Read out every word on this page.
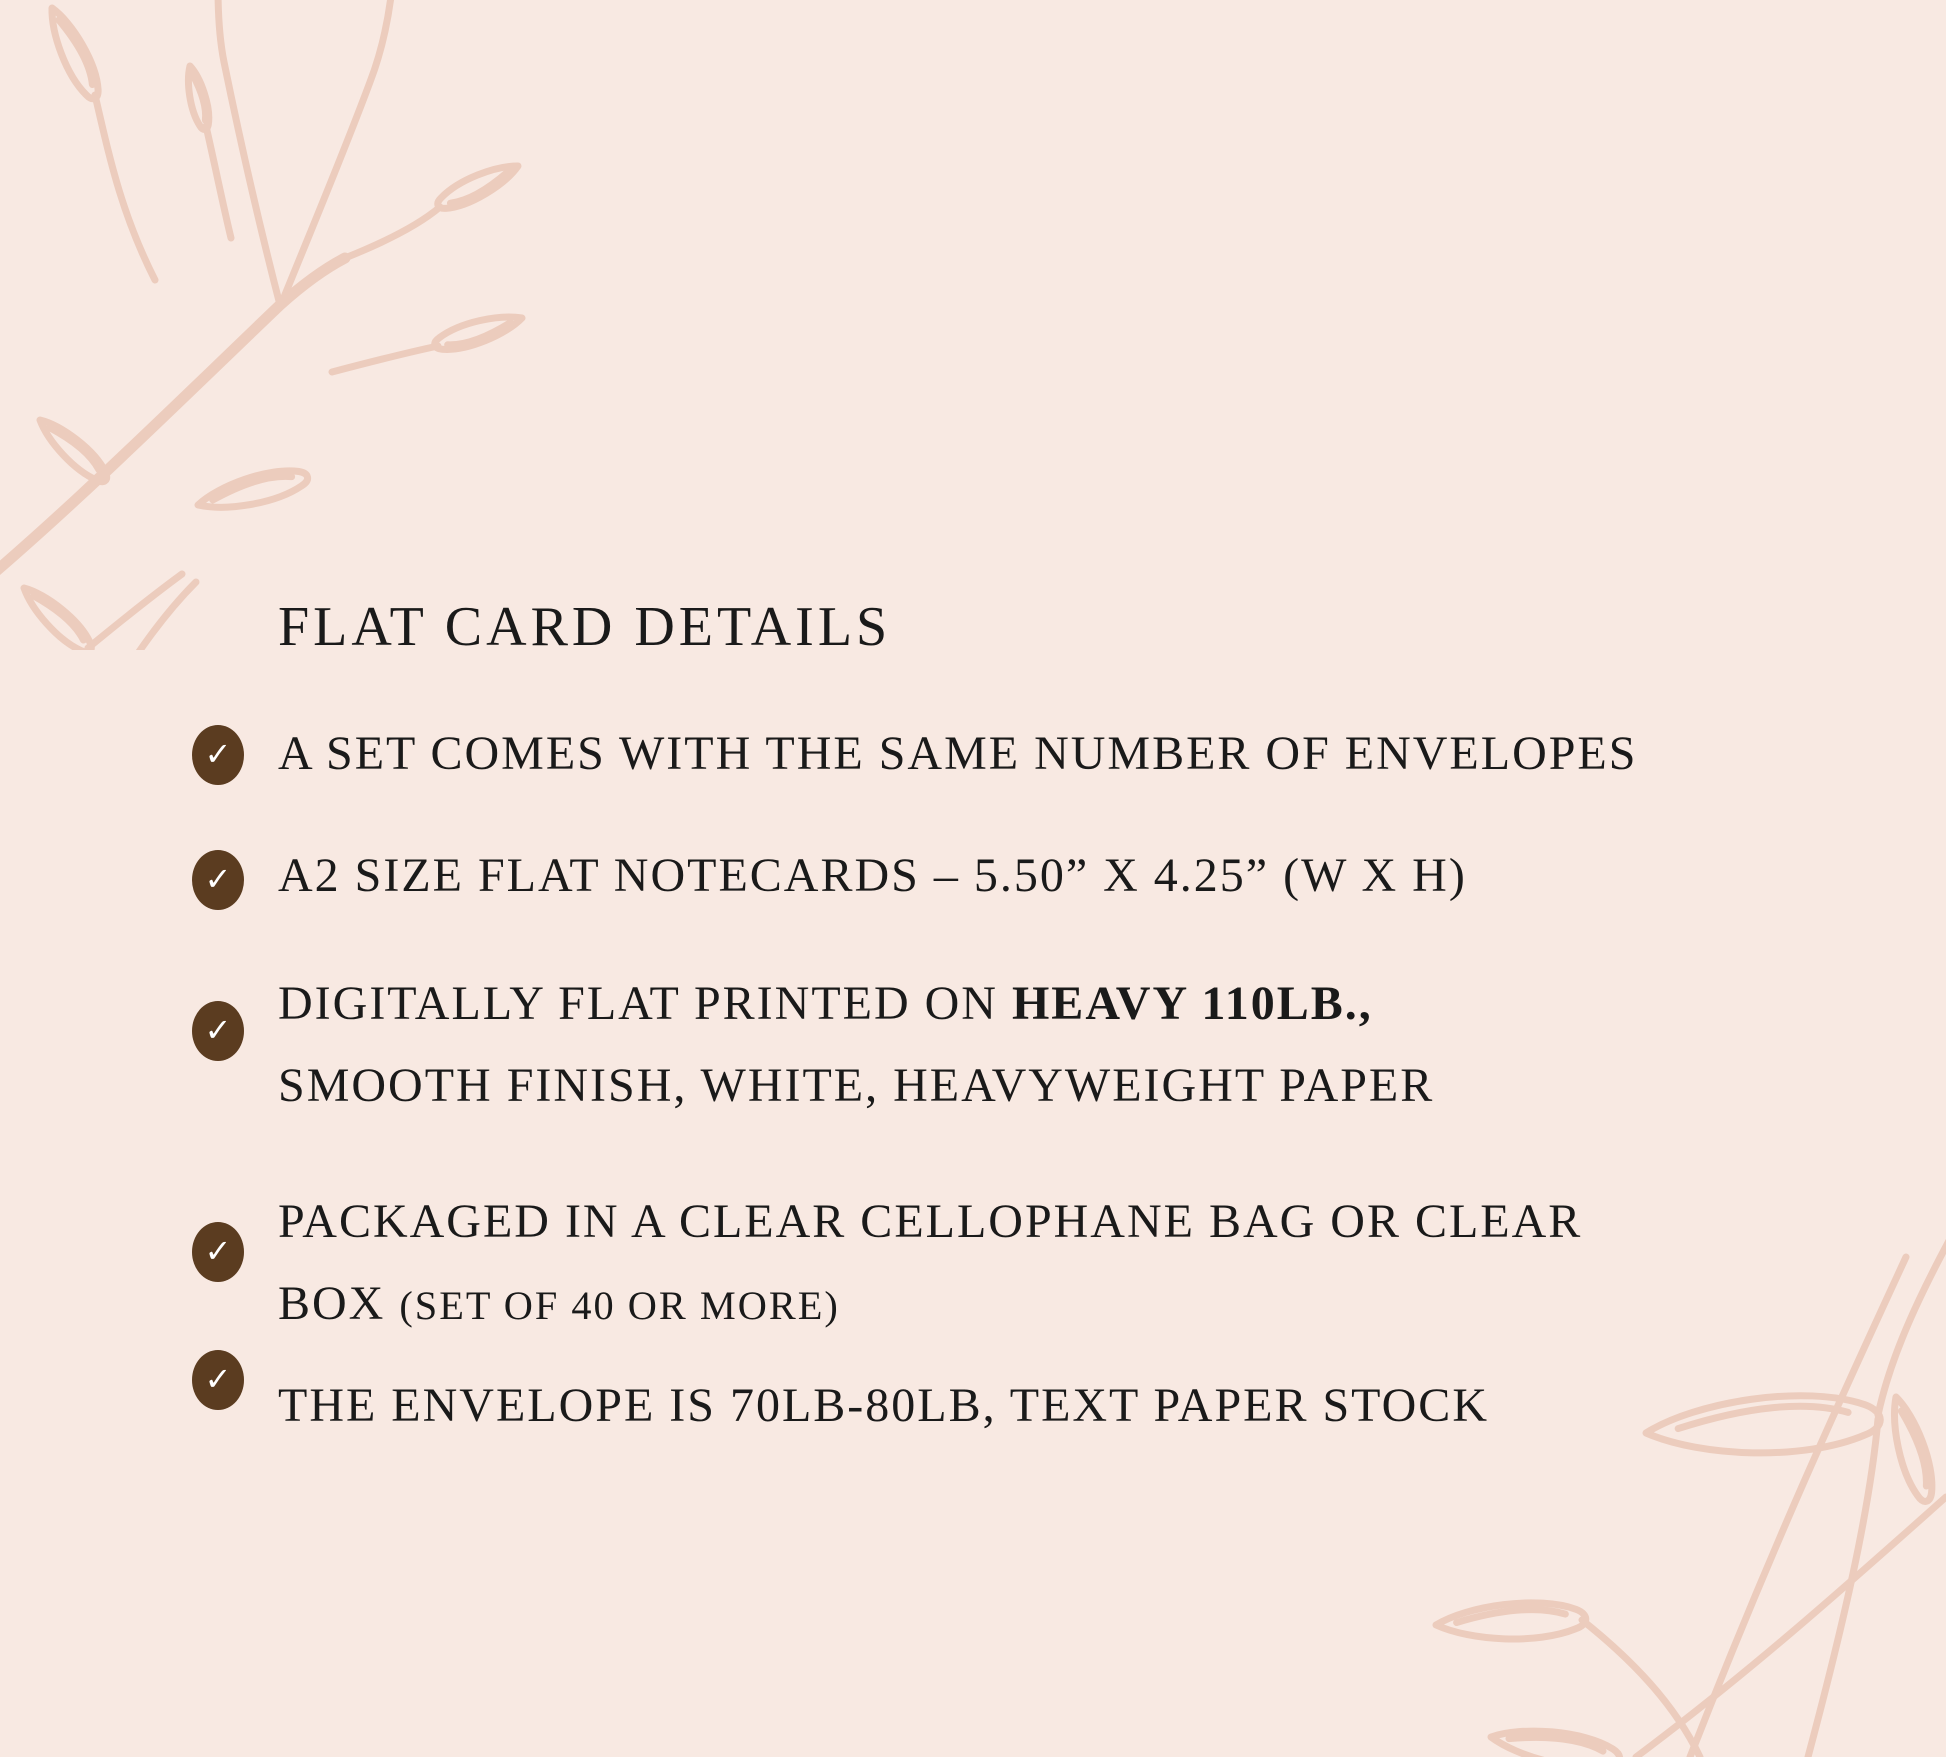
FLAT CARD DETAILS
✓ A SET COMES WITH THE SAME NUMBER OF ENVELOPES

✓ A2 SIZE FLAT NOTECARDS – 5.50” X 4.25” (W X H)

✓ DIGITALLY FLAT PRINTED ON HEAVY 110LB.,
SMOOTH FINISH, WHITE, HEAVYWEIGHT PAPER

✓

PACKAGED IN A CLEAR CELLOPHANE BAG OR CLEAR
BOX (SET OF 40 OR MORE)

✓ THE ENVELOPE IS 70LB-80LB, TEXT PAPER STOCK
